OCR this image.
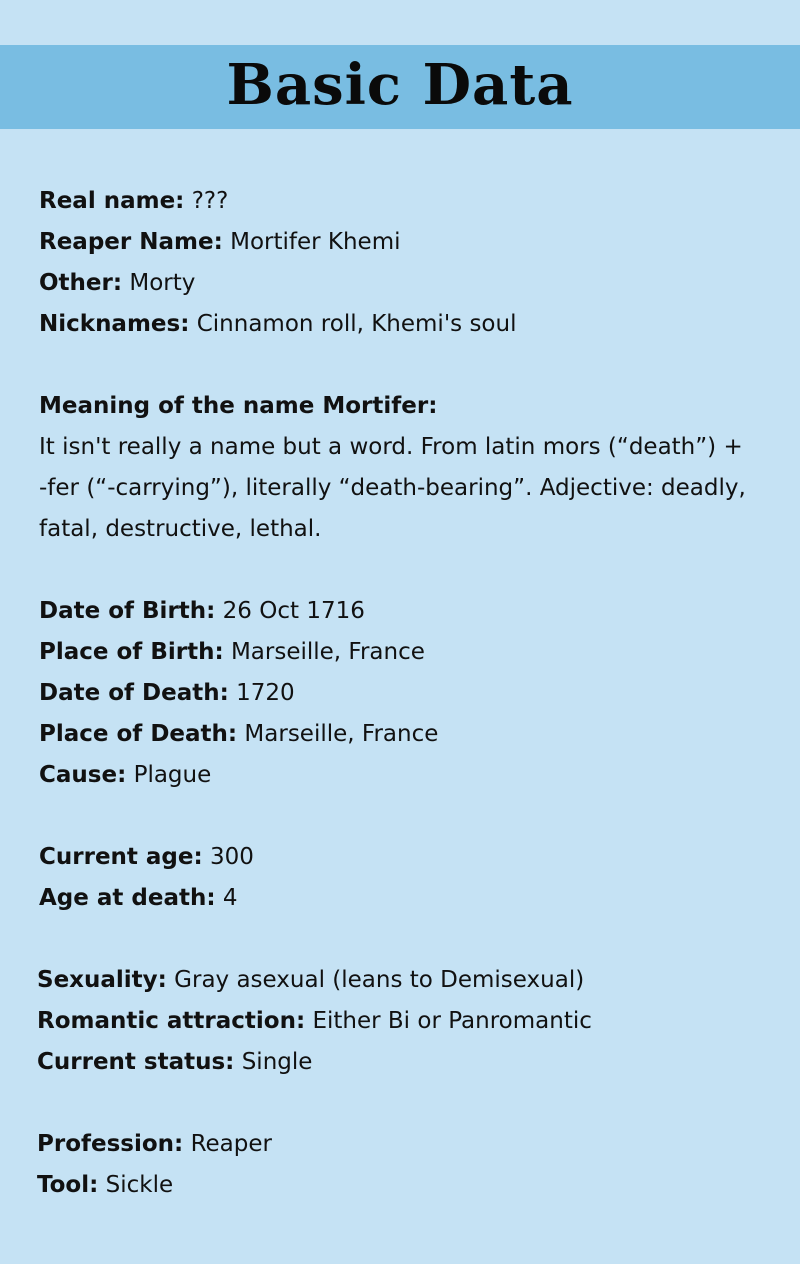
Basic Data
Real name: ???
Reaper Name: Mortifer Khemi
Other: Morty
Nicknames: Cinnamon roll, Khemi's soul
Meaning of the name Mortifer:
It isn't really a name but a word. From latin mors (“death”) +
-fer (“-carrying”), literally “death-bearing”. Adjective: deadly,
fatal, destructive, lethal.
Date of Birth: 26 Oct 1716
Place of Birth: Marseille, France
Date of Death: 1720
Place of Death: Marseille, France
Cause: Plague
Current age: 300
Age at death: 4
Sexuality: Gray asexual (leans to Demisexual)
Romantic attraction: Either Bi or Panromantic
Current status: Single
Profession: Reaper
Tool: Sickle
